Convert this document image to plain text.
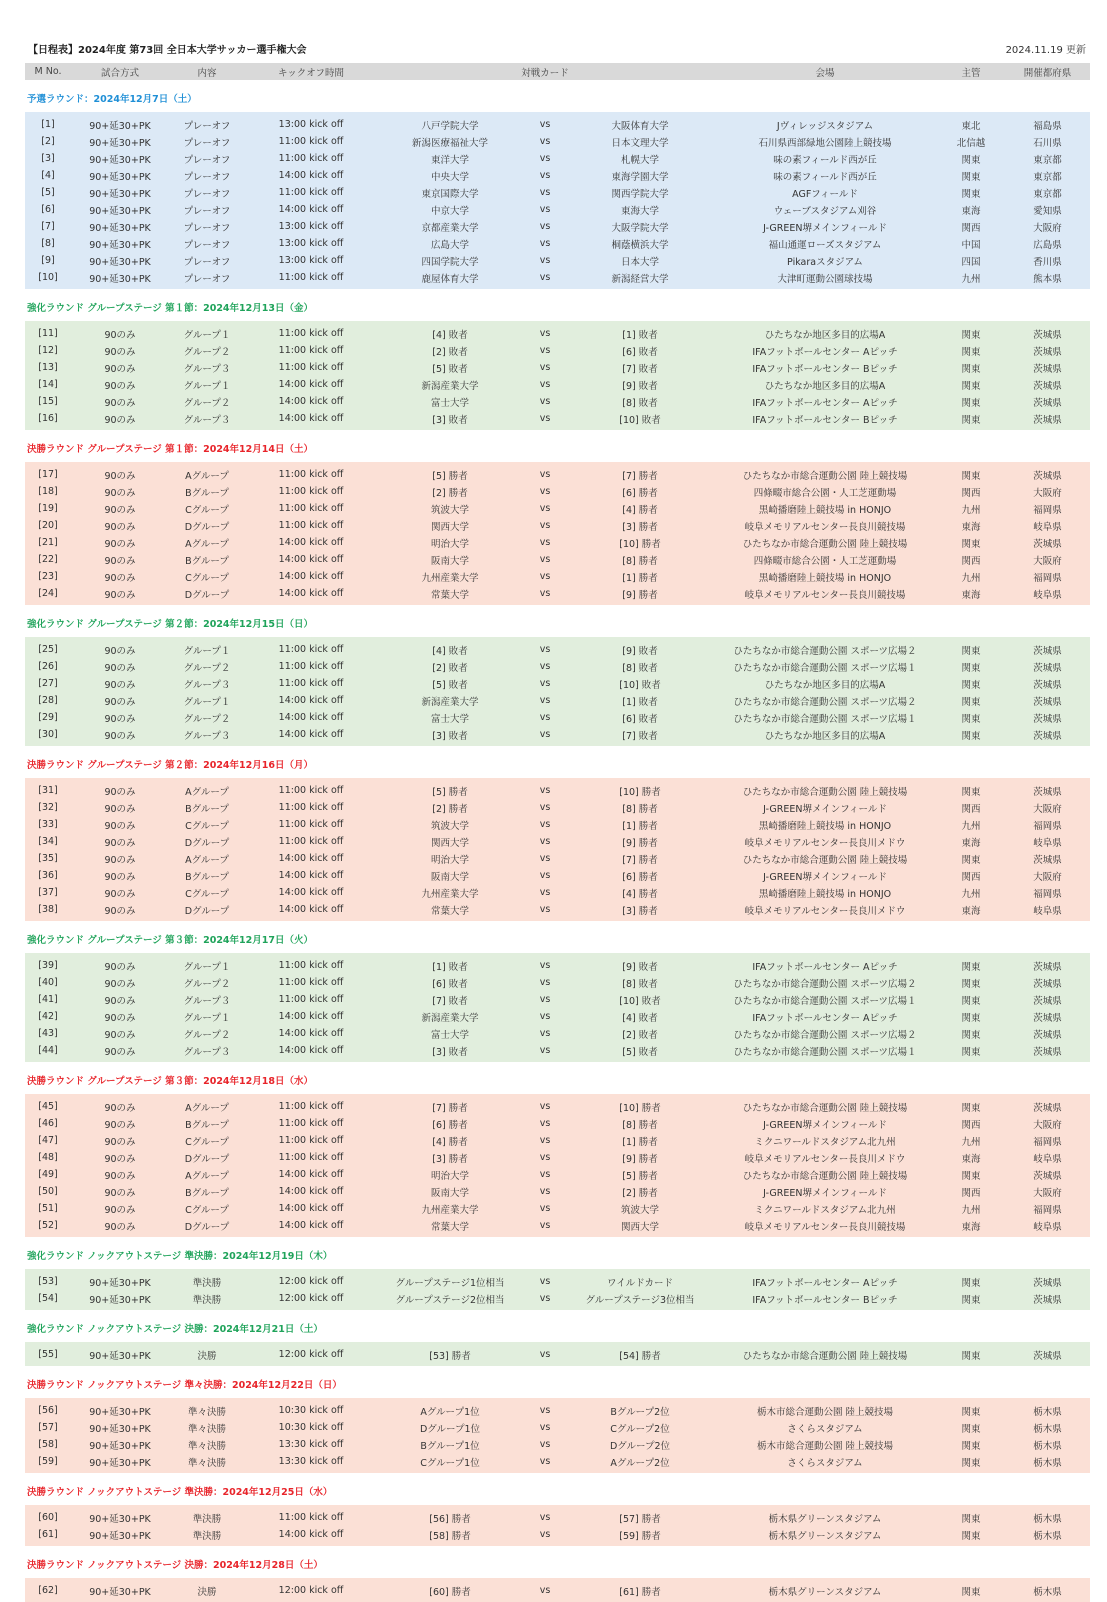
【日程表】2024年度 第73回 全日本大学サッカー選手権大会	2024.11.19 更新
M No.	試合方式	内容	キックオフ時間	対戦カード	会場	主管	開催都府県
予選ラウンド：2024年12月7日（土）
[1]	90+延30+PK	プレーオフ	13:00 kick off	八戸学院大学	vs	大阪体育大学	Jヴィレッジスタジアム	東北	福島県
[2]	90+延30+PK	プレーオフ	11:00 kick off	新潟医療福祉大学	vs	日本文理大学	石川県西部緑地公園陸上競技場	北信越	石川県
[3]	90+延30+PK	プレーオフ	11:00 kick off	東洋大学	vs	札幌大学	味の素フィールド西が丘	関東	東京都
[4]	90+延30+PK	プレーオフ	14:00 kick off	中央大学	vs	東海学園大学	味の素フィールド西が丘	関東	東京都
[5]	90+延30+PK	プレーオフ	11:00 kick off	東京国際大学	vs	関西学院大学	AGFフィールド	関東	東京都
[6]	90+延30+PK	プレーオフ	14:00 kick off	中京大学	vs	東海大学	ウェーブスタジアム刈谷	東海	愛知県
[7]	90+延30+PK	プレーオフ	13:00 kick off	京都産業大学	vs	大阪学院大学	J-GREEN堺メインフィールド	関西	大阪府
[8]	90+延30+PK	プレーオフ	13:00 kick off	広島大学	vs	桐蔭横浜大学	福山通運ローズスタジアム	中国	広島県
[9]	90+延30+PK	プレーオフ	13:00 kick off	四国学院大学	vs	日本大学	Pikaraスタジアム	四国	香川県
[10]	90+延30+PK	プレーオフ	11:00 kick off	鹿屋体育大学	vs	新潟経営大学	大津町運動公園球技場	九州	熊本県
強化ラウンド グループステージ 第１節：2024年12月13日（金）
[11]	90のみ	グループ１	11:00 kick off	[4] 敗者	vs	[1] 敗者	ひたちなか地区多目的広場A	関東	茨城県
[12]	90のみ	グループ２	11:00 kick off	[2] 敗者	vs	[6] 敗者	IFAフットボールセンター Aピッチ	関東	茨城県
[13]	90のみ	グループ３	11:00 kick off	[5] 敗者	vs	[7] 敗者	IFAフットボールセンター Bピッチ	関東	茨城県
[14]	90のみ	グループ１	14:00 kick off	新潟産業大学	vs	[9] 敗者	ひたちなか地区多目的広場A	関東	茨城県
[15]	90のみ	グループ２	14:00 kick off	富士大学	vs	[8] 敗者	IFAフットボールセンター Aピッチ	関東	茨城県
[16]	90のみ	グループ３	14:00 kick off	[3] 敗者	vs	[10] 敗者	IFAフットボールセンター Bピッチ	関東	茨城県
決勝ラウンド グループステージ 第１節：2024年12月14日（土）
[17]	90のみ	Aグループ	11:00 kick off	[5] 勝者	vs	[7] 勝者	ひたちなか市総合運動公園 陸上競技場	関東	茨城県
[18]	90のみ	Bグループ	11:00 kick off	[2] 勝者	vs	[6] 勝者	四條畷市総合公園・人工芝運動場	関西	大阪府
[19]	90のみ	Cグループ	11:00 kick off	筑波大学	vs	[4] 勝者	黒崎播磨陸上競技場 in HONJO	九州	福岡県
[20]	90のみ	Dグループ	11:00 kick off	関西大学	vs	[3] 勝者	岐阜メモリアルセンター長良川競技場	東海	岐阜県
[21]	90のみ	Aグループ	14:00 kick off	明治大学	vs	[10] 勝者	ひたちなか市総合運動公園 陸上競技場	関東	茨城県
[22]	90のみ	Bグループ	14:00 kick off	阪南大学	vs	[8] 勝者	四條畷市総合公園・人工芝運動場	関西	大阪府
[23]	90のみ	Cグループ	14:00 kick off	九州産業大学	vs	[1] 勝者	黒崎播磨陸上競技場 in HONJO	九州	福岡県
[24]	90のみ	Dグループ	14:00 kick off	常葉大学	vs	[9] 勝者	岐阜メモリアルセンター長良川競技場	東海	岐阜県
強化ラウンド グループステージ 第２節：2024年12月15日（日）
[25]	90のみ	グループ１	11:00 kick off	[4] 敗者	vs	[9] 敗者	ひたちなか市総合運動公園 スポーツ広場２	関東	茨城県
[26]	90のみ	グループ２	11:00 kick off	[2] 敗者	vs	[8] 敗者	ひたちなか市総合運動公園 スポーツ広場１	関東	茨城県
[27]	90のみ	グループ３	11:00 kick off	[5] 敗者	vs	[10] 敗者	ひたちなか地区多目的広場A	関東	茨城県
[28]	90のみ	グループ１	14:00 kick off	新潟産業大学	vs	[1] 敗者	ひたちなか市総合運動公園 スポーツ広場２	関東	茨城県
[29]	90のみ	グループ２	14:00 kick off	富士大学	vs	[6] 敗者	ひたちなか市総合運動公園 スポーツ広場１	関東	茨城県
[30]	90のみ	グループ３	14:00 kick off	[3] 敗者	vs	[7] 敗者	ひたちなか地区多目的広場A	関東	茨城県
決勝ラウンド グループステージ 第２節：2024年12月16日（月）
[31]	90のみ	Aグループ	11:00 kick off	[5] 勝者	vs	[10] 勝者	ひたちなか市総合運動公園 陸上競技場	関東	茨城県
[32]	90のみ	Bグループ	11:00 kick off	[2] 勝者	vs	[8] 勝者	J-GREEN堺メインフィールド	関西	大阪府
[33]	90のみ	Cグループ	11:00 kick off	筑波大学	vs	[1] 勝者	黒崎播磨陸上競技場 in HONJO	九州	福岡県
[34]	90のみ	Dグループ	11:00 kick off	関西大学	vs	[9] 勝者	岐阜メモリアルセンター長良川メドウ	東海	岐阜県
[35]	90のみ	Aグループ	14:00 kick off	明治大学	vs	[7] 勝者	ひたちなか市総合運動公園 陸上競技場	関東	茨城県
[36]	90のみ	Bグループ	14:00 kick off	阪南大学	vs	[6] 勝者	J-GREEN堺メインフィールド	関西	大阪府
[37]	90のみ	Cグループ	14:00 kick off	九州産業大学	vs	[4] 勝者	黒崎播磨陸上競技場 in HONJO	九州	福岡県
[38]	90のみ	Dグループ	14:00 kick off	常葉大学	vs	[3] 勝者	岐阜メモリアルセンター長良川メドウ	東海	岐阜県
強化ラウンド グループステージ 第３節：2024年12月17日（火）
[39]	90のみ	グループ１	11:00 kick off	[1] 敗者	vs	[9] 敗者	IFAフットボールセンター Aピッチ	関東	茨城県
[40]	90のみ	グループ２	11:00 kick off	[6] 敗者	vs	[8] 敗者	ひたちなか市総合運動公園 スポーツ広場２	関東	茨城県
[41]	90のみ	グループ３	11:00 kick off	[7] 敗者	vs	[10] 敗者	ひたちなか市総合運動公園 スポーツ広場１	関東	茨城県
[42]	90のみ	グループ１	14:00 kick off	新潟産業大学	vs	[4] 敗者	IFAフットボールセンター Aピッチ	関東	茨城県
[43]	90のみ	グループ２	14:00 kick off	富士大学	vs	[2] 敗者	ひたちなか市総合運動公園 スポーツ広場２	関東	茨城県
[44]	90のみ	グループ３	14:00 kick off	[3] 敗者	vs	[5] 敗者	ひたちなか市総合運動公園 スポーツ広場１	関東	茨城県
決勝ラウンド グループステージ 第３節：2024年12月18日（水）
[45]	90のみ	Aグループ	11:00 kick off	[7] 勝者	vs	[10] 勝者	ひたちなか市総合運動公園 陸上競技場	関東	茨城県
[46]	90のみ	Bグループ	11:00 kick off	[6] 勝者	vs	[8] 勝者	J-GREEN堺メインフィールド	関西	大阪府
[47]	90のみ	Cグループ	11:00 kick off	[4] 勝者	vs	[1] 勝者	ミクニワールドスタジアム北九州	九州	福岡県
[48]	90のみ	Dグループ	11:00 kick off	[3] 勝者	vs	[9] 勝者	岐阜メモリアルセンター長良川メドウ	東海	岐阜県
[49]	90のみ	Aグループ	14:00 kick off	明治大学	vs	[5] 勝者	ひたちなか市総合運動公園 陸上競技場	関東	茨城県
[50]	90のみ	Bグループ	14:00 kick off	阪南大学	vs	[2] 勝者	J-GREEN堺メインフィールド	関西	大阪府
[51]	90のみ	Cグループ	14:00 kick off	九州産業大学	vs	筑波大学	ミクニワールドスタジアム北九州	九州	福岡県
[52]	90のみ	Dグループ	14:00 kick off	常葉大学	vs	関西大学	岐阜メモリアルセンター長良川競技場	東海	岐阜県
強化ラウンド ノックアウトステージ 準決勝：2024年12月19日（木）
[53]	90+延30+PK	準決勝	12:00 kick off	グループステージ1位相当	vs	ワイルドカード	IFAフットボールセンター Aピッチ	関東	茨城県
[54]	90+延30+PK	準決勝	12:00 kick off	グループステージ2位相当	vs	グループステージ3位相当	IFAフットボールセンター Bピッチ	関東	茨城県
強化ラウンド ノックアウトステージ 決勝：2024年12月21日（土）
[55]	90+延30+PK	決勝	12:00 kick off	[53] 勝者	vs	[54] 勝者	ひたちなか市総合運動公園 陸上競技場	関東	茨城県
決勝ラウンド ノックアウトステージ 準々決勝：2024年12月22日（日）
[56]	90+延30+PK	準々決勝	10:30 kick off	Aグループ1位	vs	Bグループ2位	栃木市総合運動公園 陸上競技場	関東	栃木県
[57]	90+延30+PK	準々決勝	10:30 kick off	Dグループ1位	vs	Cグループ2位	さくらスタジアム	関東	栃木県
[58]	90+延30+PK	準々決勝	13:30 kick off	Bグループ1位	vs	Dグループ2位	栃木市総合運動公園 陸上競技場	関東	栃木県
[59]	90+延30+PK	準々決勝	13:30 kick off	Cグループ1位	vs	Aグループ2位	さくらスタジアム	関東	栃木県
決勝ラウンド ノックアウトステージ 準決勝：2024年12月25日（水）
[60]	90+延30+PK	準決勝	11:00 kick off	[56] 勝者	vs	[57] 勝者	栃木県グリーンスタジアム	関東	栃木県
[61]	90+延30+PK	準決勝	14:00 kick off	[58] 勝者	vs	[59] 勝者	栃木県グリーンスタジアム	関東	栃木県
決勝ラウンド ノックアウトステージ 決勝：2024年12月28日（土）
[62]	90+延30+PK	決勝	12:00 kick off	[60] 勝者	vs	[61] 勝者	栃木県グリーンスタジアム	関東	栃木県
